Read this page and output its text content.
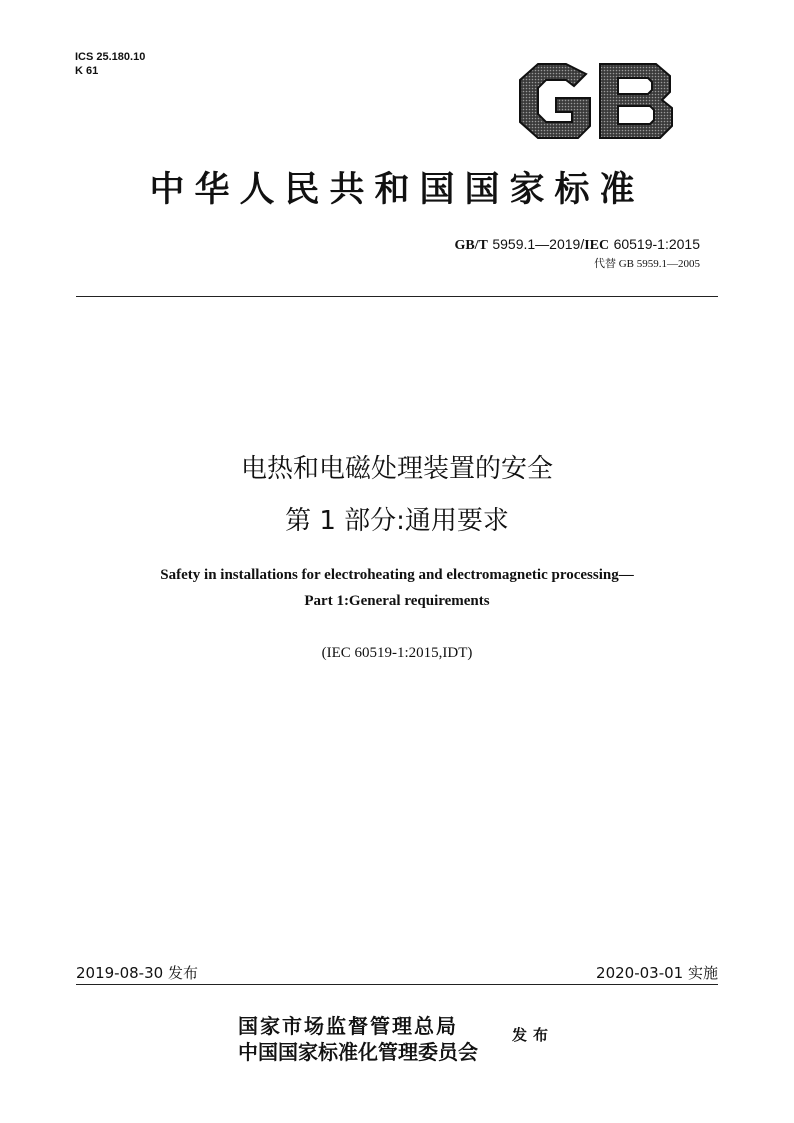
ICS 25.180.10
K 61
中华人民共和国国家标准
GB/T 5959.1—2019/IEC 60519-1:2015
代替 GB 5959.1—2005
电热和电磁处理装置的安全
第 1 部分:通用要求
Safety in installations for electroheating and electromagnetic processing—
Part 1:General requirements
(IEC 60519-1:2015,IDT)
2019-08-30 发布	2020-03-01 实施
国家市场监督管理总局
中国国家标准化管理委员会
发布
